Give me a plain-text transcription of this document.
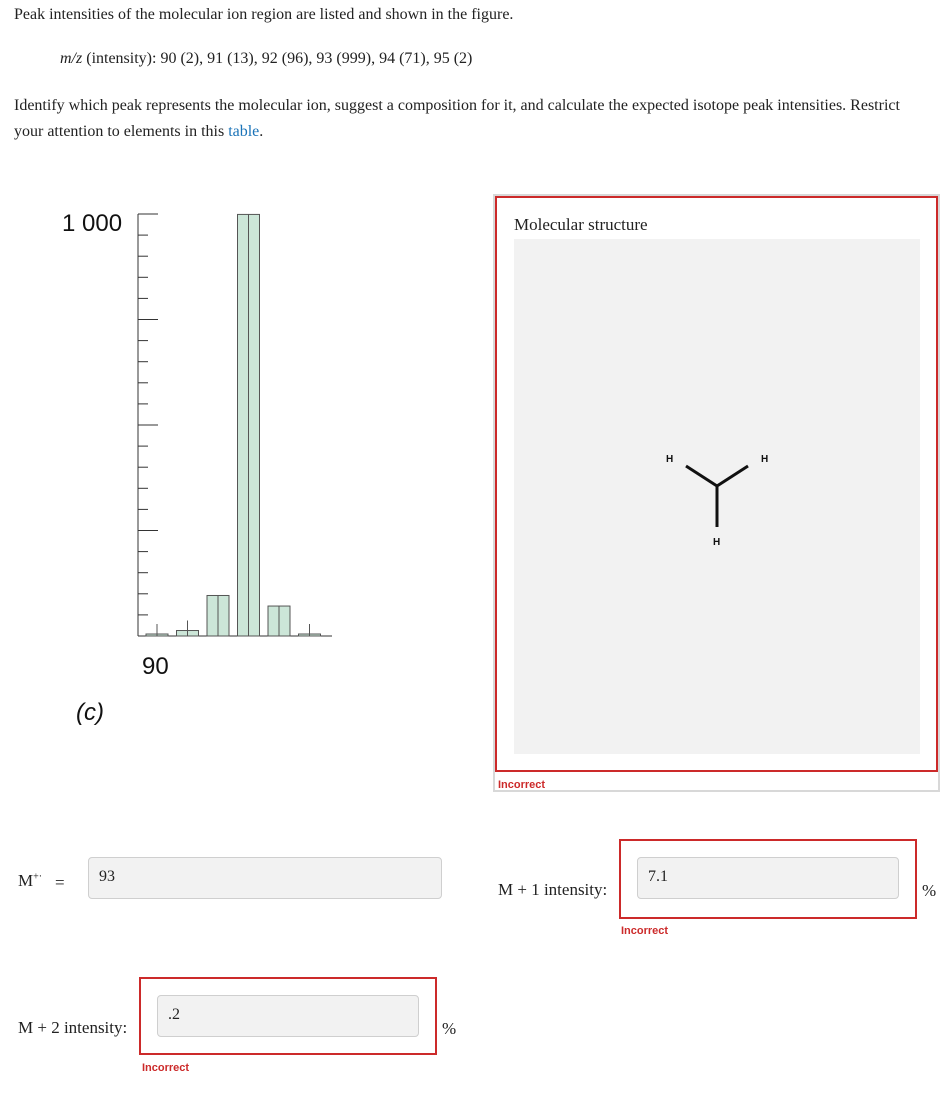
Peak intensities of the molecular ion region are listed and shown in the figure.
m/z (intensity): 90 (2), 91 (13), 92 (96), 93 (999), 94 (71), 95 (2)
Identify which peak represents the molecular ion, suggest a composition for it, and calculate the expected isotope peak intensities. Restrict your attention to elements in this table.
1 000
90
(c)
Molecular structure
H	H
H
Incorrect
M+· =	93
M + 1 intensity:
7.1
%
Incorrect
M + 2 intensity:
.2
%
Incorrect
